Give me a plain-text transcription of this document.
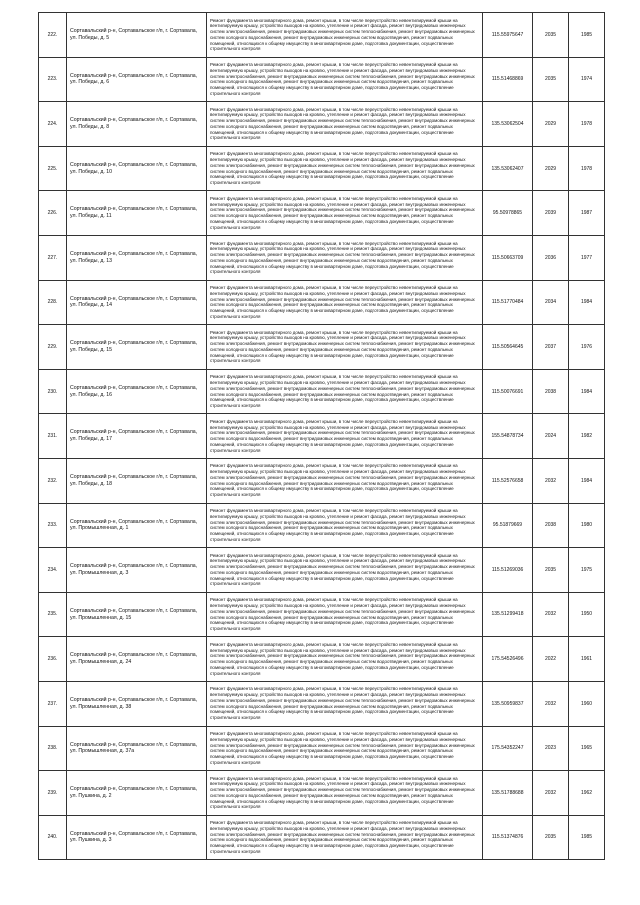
222.	Сортавальский р-н, Сортавальское г/п, г. Сортавала, ул. Победы, д. 5	Ремонт фундамента многоквартирного дома, ремонт крыши, в том числе переустройство невентилируемой крыши на вентилируемую крышу, устройство выходов на кровлю, утепление и ремонт фасада, ремонт внутридомовых инженерных систем электроснабжения, ремонт внутридомовых инженерных систем теплоснабжения, ремонт внутридомовых инженерных систем холодного водоснабжения, ремонт внутридомовых инженерных систем водоотведения, ремонт подвальных помещений, относящихся к общему имуществу в многоквартирном доме, подготовка документации, осуществление строительного контроля	115.55975647	2035	1985
223.	Сортавальский р-н, Сортавальское г/п, г. Сортавала, ул. Победы, д. 6	Ремонт фундамента многоквартирного дома, ремонт крыши, в том числе переустройство невентилируемой крыши на вентилируемую крышу, устройство выходов на кровлю, утепление и ремонт фасада, ремонт внутридомовых инженерных систем электроснабжения, ремонт внутридомовых инженерных систем теплоснабжения, ремонт внутридомовых инженерных систем холодного водоснабжения, ремонт внутридомовых инженерных систем водоотведения, ремонт подвальных помещений, относящихся к общему имуществу в многоквартирном доме, подготовка документации, осуществление строительного контроля	115.51468869	2035	1974
224.	Сортавальский р-н, Сортавальское г/п, г. Сортавала, ул. Победы, д. 8	Ремонт фундамента многоквартирного дома, ремонт крыши, в том числе переустройство невентилируемой крыши на вентилируемую крышу, устройство выходов на кровлю, утепление и ремонт фасада, ремонт внутридомовых инженерных систем электроснабжения, ремонт внутридомовых инженерных систем теплоснабжения, ремонт внутридомовых инженерных систем холодного водоснабжения, ремонт внутридомовых инженерных систем водоотведения, ремонт подвальных помещений, относящихся к общему имуществу в многоквартирном доме, подготовка документации, осуществление строительного контроля	135.53062504	2029	1978
225.	Сортавальский р-н, Сортавальское г/п, г. Сортавала, ул. Победы, д. 10	Ремонт фундамента многоквартирного дома, ремонт крыши, в том числе переустройство невентилируемой крыши на вентилируемую крышу, устройство выходов на кровлю, утепление и ремонт фасада, ремонт внутридомовых инженерных систем электроснабжения, ремонт внутридомовых инженерных систем теплоснабжения, ремонт внутридомовых инженерных систем холодного водоснабжения, ремонт внутридомовых инженерных систем водоотведения, ремонт подвальных помещений, относящихся к общему имуществу в многоквартирном доме, подготовка документации, осуществление строительного контроля	135.53062407	2029	1978
226.	Сортавальский р-н, Сортавальское г/п, г. Сортавала, ул. Победы, д. 11	Ремонт фундамента многоквартирного дома, ремонт крыши, в том числе переустройство невентилируемой крыши на вентилируемую крышу, устройство выходов на кровлю, утепление и ремонт фасада, ремонт внутридомовых инженерных систем электроснабжения, ремонт внутридомовых инженерных систем теплоснабжения, ремонт внутридомовых инженерных систем холодного водоснабжения, ремонт внутридомовых инженерных систем водоотведения, ремонт подвальных помещений, относящихся к общему имуществу в многоквартирном доме, подготовка документации, осуществление строительного контроля	95.50978865	2039	1987
227.	Сортавальский р-н, Сортавальское г/п, г. Сортавала, ул. Победы, д. 13	Ремонт фундамента многоквартирного дома, ремонт крыши, в том числе переустройство невентилируемой крыши на вентилируемую крышу, устройство выходов на кровлю, утепление и ремонт фасада, ремонт внутридомовых инженерных систем электроснабжения, ремонт внутридомовых инженерных систем теплоснабжения, ремонт внутридомовых инженерных систем холодного водоснабжения, ремонт внутридомовых инженерных систем водоотведения, ремонт подвальных помещений, относящихся к общему имуществу в многоквартирном доме, подготовка документации, осуществление строительного контроля	115.50663709	2036	1977
228.	Сортавальский р-н, Сортавальское г/п, г. Сортавала, ул. Победы, д. 14	Ремонт фундамента многоквартирного дома, ремонт крыши, в том числе переустройство невентилируемой крыши на вентилируемую крышу, устройство выходов на кровлю, утепление и ремонт фасада, ремонт внутридомовых инженерных систем электроснабжения, ремонт внутридомовых инженерных систем теплоснабжения, ремонт внутридомовых инженерных систем холодного водоснабжения, ремонт внутридомовых инженерных систем водоотведения, ремонт подвальных помещений, относящихся к общему имуществу в многоквартирном доме, подготовка документации, осуществление строительного контроля	115.51770484	2034	1984
229.	Сортавальский р-н, Сортавальское г/п, г. Сортавала, ул. Победы, д. 15	Ремонт фундамента многоквартирного дома, ремонт крыши, в том числе переустройство невентилируемой крыши на вентилируемую крышу, устройство выходов на кровлю, утепление и ремонт фасада, ремонт внутридомовых инженерных систем электроснабжения, ремонт внутридомовых инженерных систем теплоснабжения, ремонт внутридомовых инженерных систем холодного водоснабжения, ремонт внутридомовых инженерных систем водоотведения, ремонт подвальных помещений, относящихся к общему имуществу в многоквартирном доме, подготовка документации, осуществление строительного контроля	115.50564645	2037	1976
230.	Сортавальский р-н, Сортавальское г/п, г. Сортавала, ул. Победы, д. 16	Ремонт фундамента многоквартирного дома, ремонт крыши, в том числе переустройство невентилируемой крыши на вентилируемую крышу, устройство выходов на кровлю, утепление и ремонт фасада, ремонт внутридомовых инженерных систем электроснабжения, ремонт внутридомовых инженерных систем теплоснабжения, ремонт внутридомовых инженерных систем холодного водоснабжения, ремонт внутридомовых инженерных систем водоотведения, ремонт подвальных помещений, относящихся к общему имуществу в многоквартирном доме, подготовка документации, осуществление строительного контроля	115.50076691	2038	1984
231.	Сортавальский р-н, Сортавальское г/п, г. Сортавала, ул. Победы, д. 17	Ремонт фундамента многоквартирного дома, ремонт крыши, в том числе переустройство невентилируемой крыши на вентилируемую крышу, устройство выходов на кровлю, утепление и ремонт фасада, ремонт внутридомовых инженерных систем электроснабжения, ремонт внутридомовых инженерных систем теплоснабжения, ремонт внутридомовых инженерных систем холодного водоснабжения, ремонт внутридомовых инженерных систем водоотведения, ремонт подвальных помещений, относящихся к общему имуществу в многоквартирном доме, подготовка документации, осуществление строительного контроля	155.54878734	2024	1982
232.	Сортавальский р-н, Сортавальское г/п, г. Сортавала, ул. Победы, д. 18	Ремонт фундамента многоквартирного дома, ремонт крыши, в том числе переустройство невентилируемой крыши на вентилируемую крышу, устройство выходов на кровлю, утепление и ремонт фасада, ремонт внутридомовых инженерных систем электроснабжения, ремонт внутридомовых инженерных систем теплоснабжения, ремонт внутридомовых инженерных систем холодного водоснабжения, ремонт внутридомовых инженерных систем водоотведения, ремонт подвальных помещений, относящихся к общему имуществу в многоквартирном доме, подготовка документации, осуществление строительного контроля	115.52576658	2032	1984
233.	Сортавальский р-н, Сортавальское г/п, г. Сортавала, ул. Промышленная, д. 1	Ремонт фундамента многоквартирного дома, ремонт крыши, в том числе переустройство невентилируемой крыши на вентилируемую крышу, устройство выходов на кровлю, утепление и ремонт фасада, ремонт внутридомовых инженерных систем электроснабжения, ремонт внутридомовых инженерных систем теплоснабжения, ремонт внутридомовых инженерных систем холодного водоснабжения, ремонт внутридомовых инженерных систем водоотведения, ремонт подвальных помещений, относящихся к общему имуществу в многоквартирном доме, подготовка документации, осуществление строительного контроля	95.51879669	2038	1980
234.	Сортавальский р-н, Сортавальское г/п, г. Сортавала, ул. Промышленная, д. 3	Ремонт фундамента многоквартирного дома, ремонт крыши, в том числе переустройство невентилируемой крыши на вентилируемую крышу, устройство выходов на кровлю, утепление и ремонт фасада, ремонт внутридомовых инженерных систем электроснабжения, ремонт внутридомовых инженерных систем теплоснабжения, ремонт внутридомовых инженерных систем холодного водоснабжения, ремонт внутридомовых инженерных систем водоотведения, ремонт подвальных помещений, относящихся к общему имуществу в многоквартирном доме, подготовка документации, осуществление строительного контроля	115.51269036	2035	1975
235.	Сортавальский р-н, Сортавальское г/п, г. Сортавала, ул. Промышленная, д. 15	Ремонт фундамента многоквартирного дома, ремонт крыши, в том числе переустройство невентилируемой крыши на вентилируемую крышу, устройство выходов на кровлю, утепление и ремонт фасада, ремонт внутридомовых инженерных систем электроснабжения, ремонт внутридомовых инженерных систем теплоснабжения, ремонт внутридомовых инженерных систем холодного водоснабжения, ремонт внутридомовых инженерных систем водоотведения, ремонт подвальных помещений, относящихся к общему имуществу в многоквартирном доме, подготовка документации, осуществление строительного контроля	135.51299418	2032	1950
236.	Сортавальский р-н, Сортавальское г/п, г. Сортавала, ул. Промышленная, д. 24	Ремонт фундамента многоквартирного дома, ремонт крыши, в том числе переустройство невентилируемой крыши на вентилируемую крышу, устройство выходов на кровлю, утепление и ремонт фасада, ремонт внутридомовых инженерных систем электроснабжения, ремонт внутридомовых инженерных систем теплоснабжения, ремонт внутридомовых инженерных систем холодного водоснабжения, ремонт внутридомовых инженерных систем водоотведения, ремонт подвальных помещений, относящихся к общему имуществу в многоквартирном доме, подготовка документации, осуществление строительного контроля	175.54526496	2022	1961
237.	Сортавальский р-н, Сортавальское г/п, г. Сортавала, ул. Промышленная, д. 38	Ремонт фундамента многоквартирного дома, ремонт крыши, в том числе переустройство невентилируемой крыши на вентилируемую крышу, устройство выходов на кровлю, утепление и ремонт фасада, ремонт внутридомовых инженерных систем электроснабжения, ремонт внутридомовых инженерных систем теплоснабжения, ремонт внутридомовых инженерных систем холодного водоснабжения, ремонт внутридомовых инженерных систем водоотведения, ремонт подвальных помещений, относящихся к общему имуществу в многоквартирном доме, подготовка документации, осуществление строительного контроля	135.50959837	2032	1960
238.	Сортавальский р-н, Сортавальское г/п, г. Сортавала, ул. Промышленная, д. 37а	Ремонт фундамента многоквартирного дома, ремонт крыши, в том числе переустройство невентилируемой крыши на вентилируемую крышу, устройство выходов на кровлю, утепление и ремонт фасада, ремонт внутридомовых инженерных систем электроснабжения, ремонт внутридомовых инженерных систем теплоснабжения, ремонт внутридомовых инженерных систем холодного водоснабжения, ремонт внутридомовых инженерных систем водоотведения, ремонт подвальных помещений, относящихся к общему имуществу в многоквартирном доме, подготовка документации, осуществление строительного контроля	175.54352247	2023	1965
239.	Сортавальский р-н, Сортавальское г/п, г. Сортавала, ул. Пушкина, д. 2	Ремонт фундамента многоквартирного дома, ремонт крыши, в том числе переустройство невентилируемой крыши на вентилируемую крышу, устройство выходов на кровлю, утепление и ремонт фасада, ремонт внутридомовых инженерных систем электроснабжения, ремонт внутридомовых инженерных систем теплоснабжения, ремонт внутридомовых инженерных систем холодного водоснабжения, ремонт внутридомовых инженерных систем водоотведения, ремонт подвальных помещений, относящихся к общему имуществу в многоквартирном доме, подготовка документации, осуществление строительного контроля	135.51788688	2032	1962
240.	Сортавальский р-н, Сортавальское г/п, г. Сортавала, ул. Пушкина, д. 3	Ремонт фундамента многоквартирного дома, ремонт крыши, в том числе переустройство невентилируемой крыши на вентилируемую крышу, устройство выходов на кровлю, утепление и ремонт фасада, ремонт внутридомовых инженерных систем электроснабжения, ремонт внутридомовых инженерных систем теплоснабжения, ремонт внутридомовых инженерных систем холодного водоснабжения, ремонт внутридомовых инженерных систем водоотведения, ремонт подвальных помещений, относящихся к общему имуществу в многоквартирном доме, подготовка документации, осуществление строительного контроля	115.51374876	2035	1985
